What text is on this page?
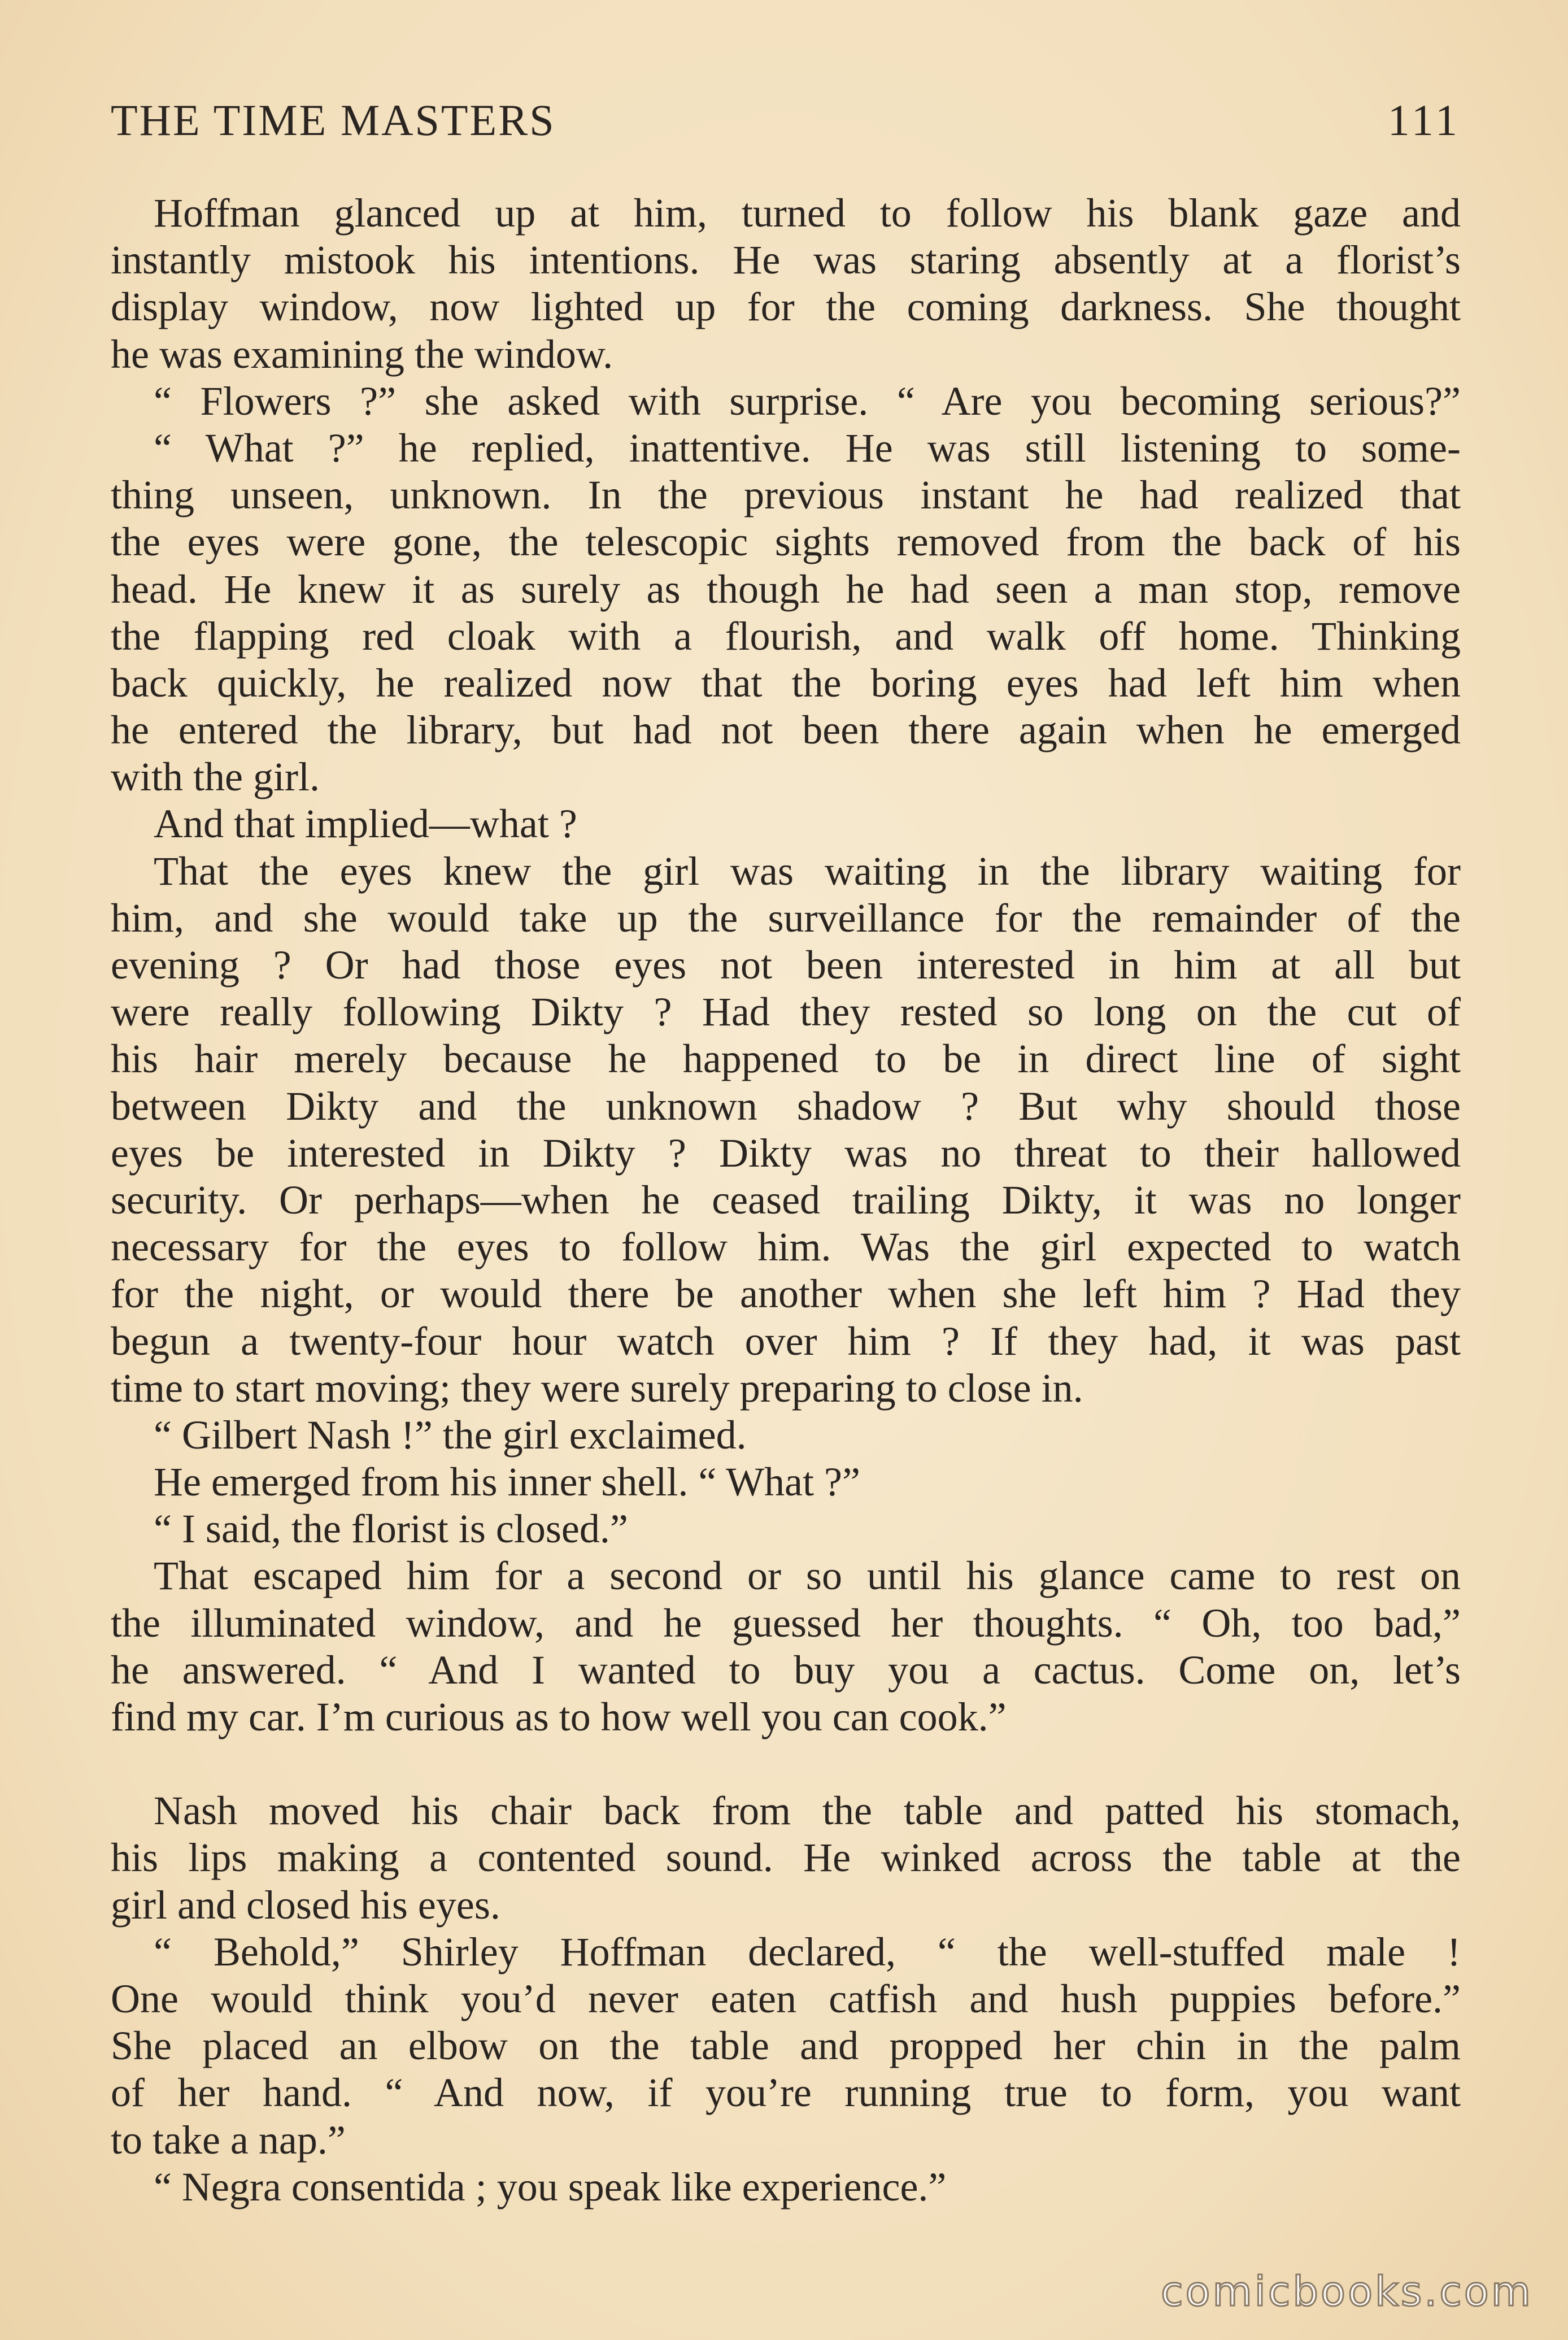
THE TIME MASTERS	111
Hoffman glanced up at him, turned to follow his blank gaze and
instantly mistook his intentions. He was staring absently at a florist’s
display window, now lighted up for the coming darkness. She thought
he was examining the window.
“ Flowers ?” she asked with surprise. “ Are you becoming serious?”
“ What ?” he replied, inattentive. He was still listening to some-
thing unseen, unknown. In the previous instant he had realized that
the eyes were gone, the telescopic sights removed from the back of his
head. He knew it as surely as though he had seen a man stop, remove
the flapping red cloak with a flourish, and walk off home. Thinking
back quickly, he realized now that the boring eyes had left him when
he entered the library, but had not been there again when he emerged
with the girl.
And that implied—what ?
That the eyes knew the girl was waiting in the library waiting for
him, and she would take up the surveillance for the remainder of the
evening ? Or had those eyes not been interested in him at all but
were really following Dikty ? Had they rested so long on the cut of
his hair merely because he happened to be in direct line of sight
between Dikty and the unknown shadow ? But why should those
eyes be interested in Dikty ? Dikty was no threat to their hallowed
security. Or perhaps—when he ceased trailing Dikty, it was no longer
necessary for the eyes to follow him. Was the girl expected to watch
for the night, or would there be another when she left him ? Had they
begun a twenty-four hour watch over him ? If they had, it was past
time to start moving; they were surely preparing to close in.
“ Gilbert Nash !” the girl exclaimed.
He emerged from his inner shell. “ What ?”
“ I said, the florist is closed.”
That escaped him for a second or so until his glance came to rest on
the illuminated window, and he guessed her thoughts. “ Oh, too bad,”
he answered. “ And I wanted to buy you a cactus. Come on, let’s
find my car. I’m curious as to how well you can cook.”
Nash moved his chair back from the table and patted his stomach,
his lips making a contented sound. He winked across the table at the
girl and closed his eyes.
“ Behold,” Shirley Hoffman declared, “ the well-stuffed male !
One would think you’d never eaten catfish and hush puppies before.”
She placed an elbow on the table and propped her chin in the palm
of her hand. “ And now, if you’re running true to form, you want
to take a nap.”
“ Negra consentida ; you speak like experience.”
comicbooks.com
